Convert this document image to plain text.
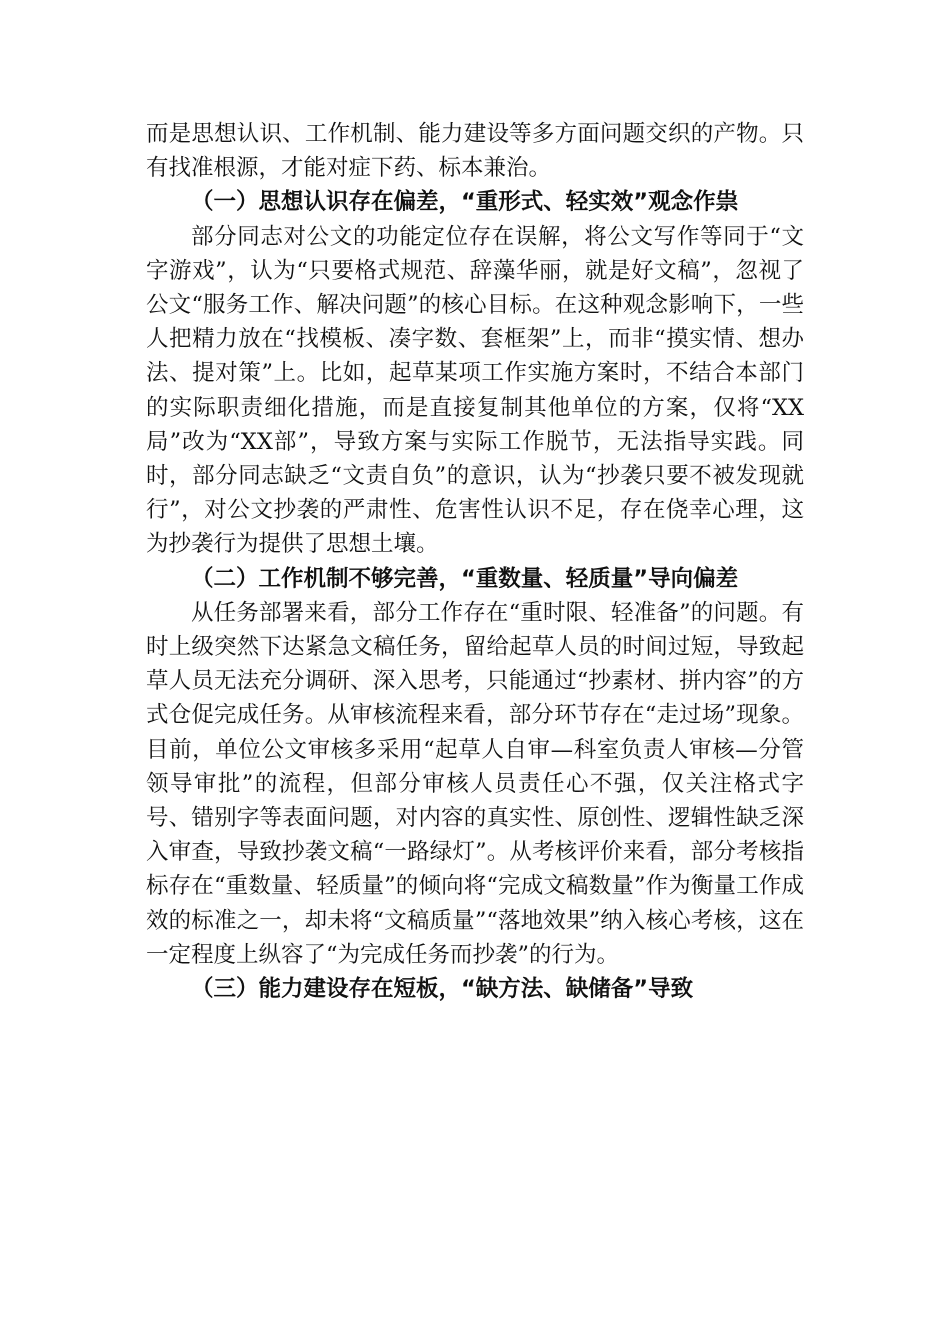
而是思想认识、工作机制、能力建设等多方面问题交织的产物。只有找准根源，才能对症下药、标本兼治。

（一）思想认识存在偏差，“重形式、轻实效”观念作祟

部分同志对公文的功能定位存在误解，将公文写作等同于“文字游戏”，认为“只要格式规范、辞藻华丽，就是好文稿”，忽视了公文“服务工作、解决问题”的核心目标。在这种观念影响下，一些人把精力放在“找模板、凑字数、套框架”上，而非“摸实情、想办法、提对策”上。比如，起草某项工作实施方案时，不结合本部门的实际职责细化措施，而是直接复制其他单位的方案，仅将“XX局”改为“XX部”，导致方案与实际工作脱节，无法指导实践。同时，部分同志缺乏“文责自负”的意识，认为“抄袭只要不被发现就行”，对公文抄袭的严肃性、危害性认识不足，存在侥幸心理，这为抄袭行为提供了思想土壤。

（二）工作机制不够完善，“重数量、轻质量”导向偏差

从任务部署来看，部分工作存在“重时限、轻准备”的问题。有时上级突然下达紧急文稿任务，留给起草人员的时间过短，导致起草人员无法充分调研、深入思考，只能通过“抄素材、拼内容”的方式仓促完成任务。从审核流程来看，部分环节存在“走过场”现象。目前，单位公文审核多采用“起草人自审—科室负责人审核—分管领导审批”的流程，但部分审核人员责任心不强，仅关注格式字号、错别字等表面问题，对内容的真实性、原创性、逻辑性缺乏深入审查，导致抄袭文稿“一路绿灯”。从考核评价来看，部分考核指标存在“重数量、轻质量”的倾向将“完成文稿数量”作为衡量工作成效的标准之一，却未将“文稿质量”“落地效果”纳入核心考核，这在一定程度上纵容了“为完成任务而抄袭”的行为。

（三）能力建设存在短板，“缺方法、缺储备”导致
